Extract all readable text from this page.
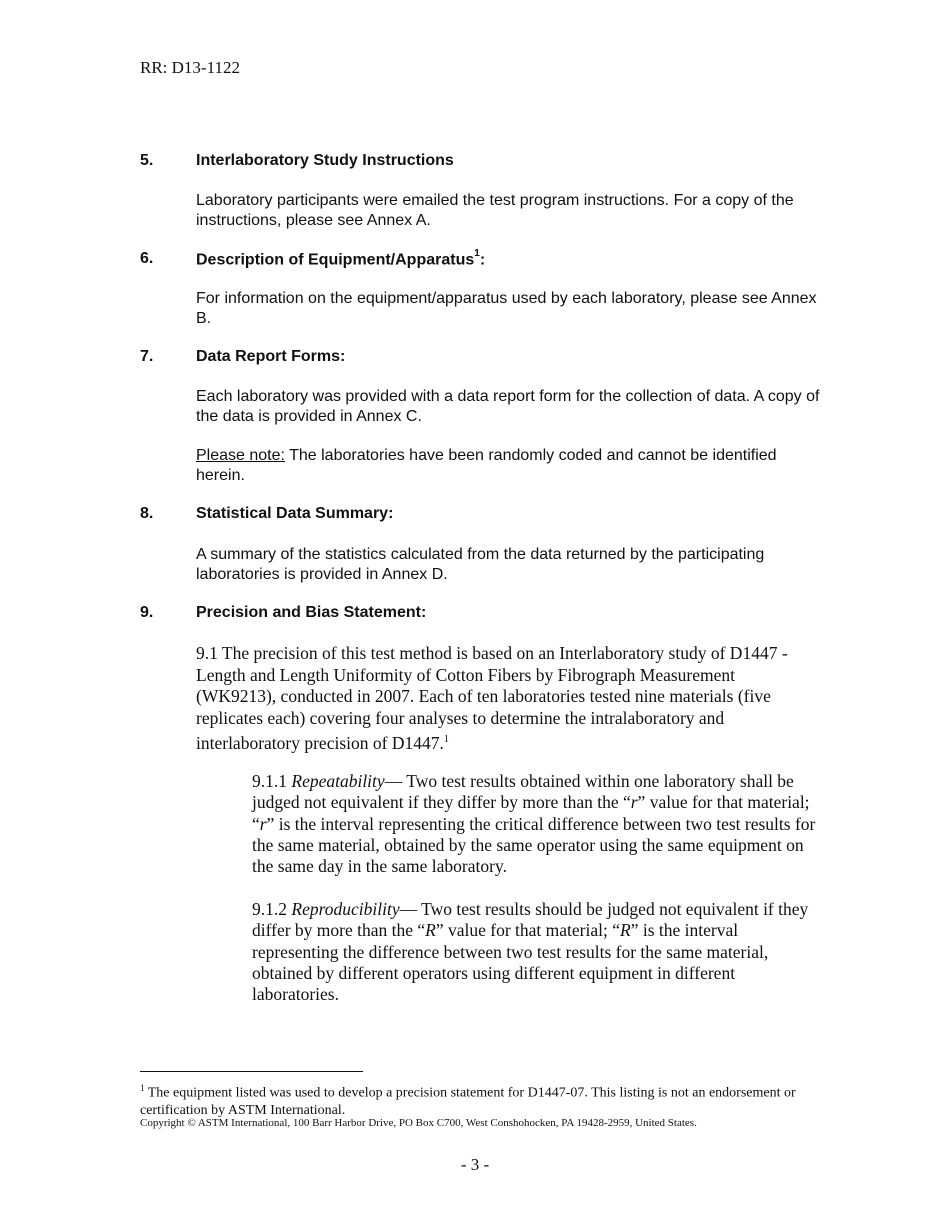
RR: D13-1122
5.	Interlaboratory Study Instructions
Laboratory participants were emailed the test program instructions. For a copy of the instructions, please see Annex A.
6.	Description of Equipment/Apparatus$^1$:
For information on the equipment/apparatus used by each laboratory, please see Annex B.
7.	Data Report Forms:
Each laboratory was provided with a data report form for the collection of data. A copy of the data is provided in Annex C.
Please note: The laboratories have been randomly coded and cannot be identified herein.
8.	Statistical Data Summary:
A summary of the statistics calculated from the data returned by the participating laboratories is provided in Annex D.
9.	Precision and Bias Statement:
9.1 The precision of this test method is based on an Interlaboratory study of D1447 - Length and Length Uniformity of Cotton Fibers by Fibrograph Measurement (WK9213), conducted in 2007. Each of ten laboratories tested nine materials (five replicates each) covering four analyses to determine the intralaboratory and interlaboratory precision of D1447.$^1$
9.1.1 Repeatability— Two test results obtained within one laboratory shall be judged not equivalent if they differ by more than the “r” value for that material; “r” is the interval representing the critical difference between two test results for the same material, obtained by the same operator using the same equipment on the same day in the same laboratory.
9.1.2 Reproducibility— Two test results should be judged not equivalent if they differ by more than the “R” value for that material; “R” is the interval representing the difference between two test results for the same material, obtained by different operators using different equipment in different laboratories.
$^1$ The equipment listed was used to develop a precision statement for D1447-07. This listing is not an endorsement or certification by ASTM International.
Copyright © ASTM International, 100 Barr Harbor Drive, PO Box C700, West Conshohocken, PA 19428-2959, United States.
- 3 -
